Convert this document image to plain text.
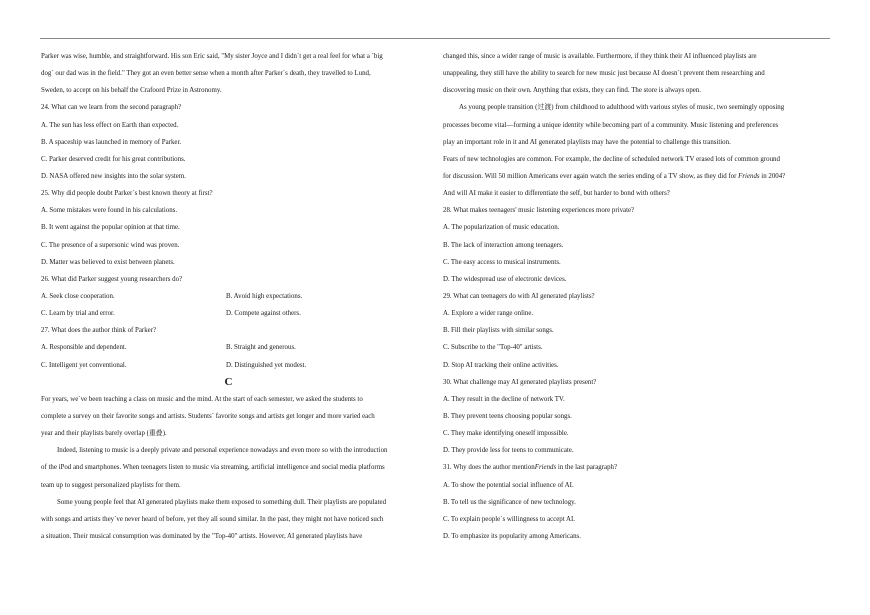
Parker was wise, humble, and straightforward. His son Eric said, "My sister Joyce and I didn`t get a real feel for what a `big
dog` our dad was in the field." They got an even better sense when a month after Parker`s death, they travelled to Lund,
Sweden, to accept on his behalf the Crafoord Prize in Astronomy.
24. What can we learn from the second paragraph?
A. The sun has less effect on Earth than expected.
B. A spaceship was launched in memory of Parker.
C. Parker deserved credit for his great contributions.
D. NASA offered new insights into the solar system.
25. Why did people doubt Parker`s best known theory at first?
A. Some mistakes were found in his calculations.
B. It went against the popular opinion at that time.
C. The presence of a supersonic wind was proven.
D. Matter was believed to exist between planets.
26. What did Parker suggest young researchers do?
A. Seek close cooperation.	B. Avoid high expectations.
C. Learn by trial and error.	D. Compete against others.
27. What does the author think of Parker?
A. Responsible and dependent.	B. Straight and generous.
C. Intelligent yet conventional.	D. Distinguished yet modest.
C
For years, we`ve been teaching a class on music and the mind. At the start of each semester, we asked the students to
complete a survey on their favorite songs and artists. Students` favorite songs and artists get longer and more varied each
year and their playlists barely overlap (重叠).
Indeed, listening to music is a deeply private and personal experience nowadays and even more so with the introduction
of the iPod and smartphones. When teenagers listen to music via streaming, artificial intelligence and social media platforms
team up to suggest personalized playlists for them.
Some young people feel that AI generated playlists make them exposed to something dull. Their playlists are populated
with songs and artists they`ve never heard of before, yet they all sound similar. In the past, they might not have noticed such
a situation. Their musical consumption was dominated by the "Top-40" artists. However, AI generated playlists have
changed this, since a wider range of music is available. Furthermore, if they think their AI influenced playlists are
unappealing, they still have the ability to search for new music just because AI doesn`t prevent them researching and
discovering music on their own. Anything that exists, they can find. The store is always open.
As young people transition (过渡) from childhood to adulthood with various styles of music, two seemingly opposing
processes become vital—forming a unique identity while becoming part of a community. Music listening and preferences
play an important role in it and AI generated playlists may have the potential to challenge this transition.
Fears of new technologies are common. For example, the decline of scheduled network TV erased lots of common ground
for discussion. Will 50 million Americans ever again watch the series ending of a TV show, as they did for Friends in 2004?
And will AI make it easier to differentiate the self, but harder to bond with others?
28. What makes teenagers' music listening experiences more private?
A. The popularization of music education.
B. The lack of interaction among teenagers.
C. The easy access to musical instruments.
D. The widespread use of electronic devices.
29. What can teenagers do with AI generated playlists?
A. Explore a wider range online.
B. Fill their playlists with similar songs.
C. Subscribe to the "Top-40" artists.
D. Stop AI tracking their online activities.
30. What challenge may AI generated playlists present?
A. They result in the decline of network TV.
B. They prevent teens choosing popular songs.
C. They make identifying oneself impossible.
D. They provide less for teens to communicate.
31. Why does the author mentionFriends in the last paragraph?
A. To show the potential social influence of AI.
B. To tell us the significance of new technology.
C. To explain people`s willingness to accept AI.
D. To emphasize its popularity among Americans.
